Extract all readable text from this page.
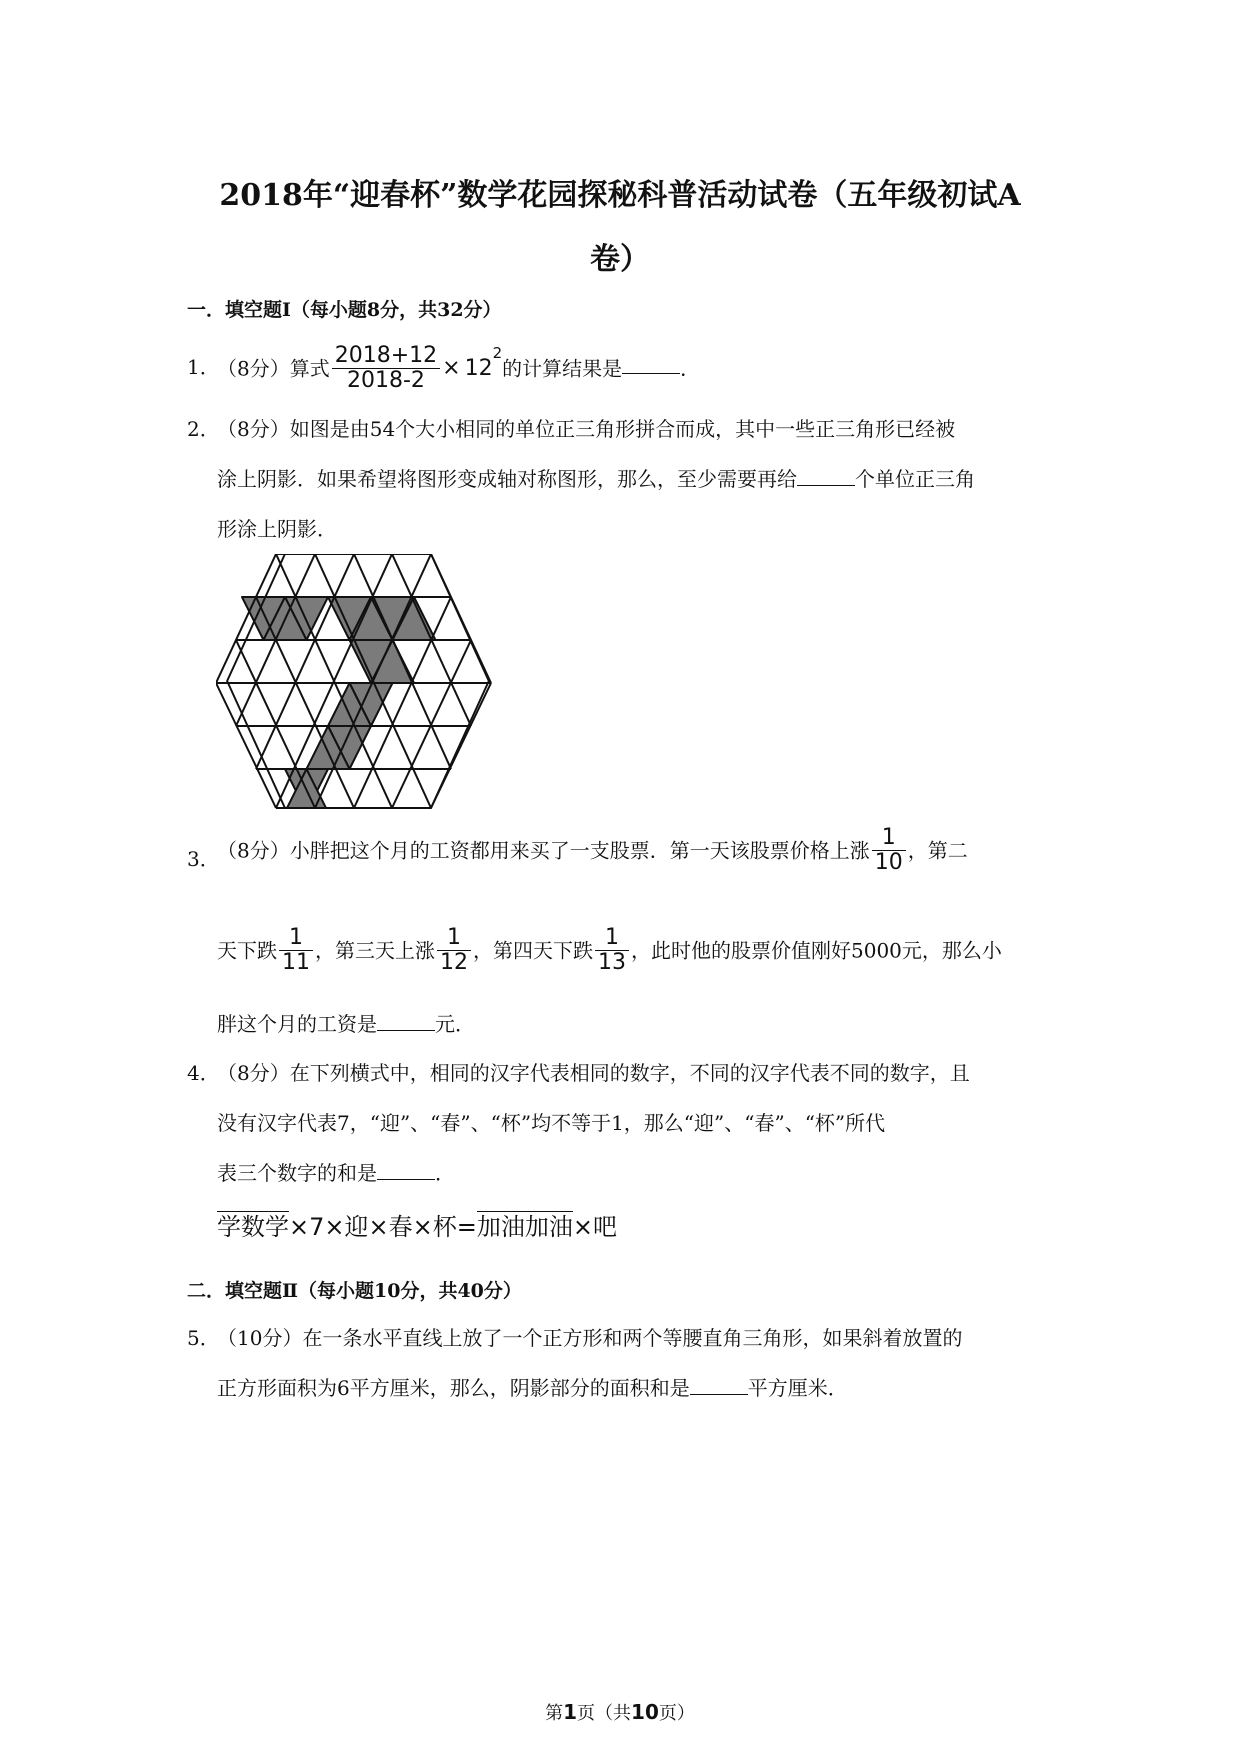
2018年“迎春杯”数学花园探秘科普活动试卷（五年级初试A
卷）
一．填空题Ⅰ（每小题8分，共32分）
1．
（8分）算式 $\frac{2018+12}{2018-2} \times 12^2$的计算结果是	．
2．
（8分）如图是由54个大小相同的单位正三角形拼合而成，其中一些正三角形已经被
涂上阴影．如果希望将图形变成轴对称图形，那么，至少需要再给	个单位正三角
形涂上阴影．
3．
（8分）小胖把这个月的工资都用来买了一支股票．第一天该股票价格上涨 $\frac{1}{10}$ ，第二
天下跌 $\frac{1}{11}$ ，第三天上涨 $\frac{1}{12}$ ，第四天下跌 $\frac{1}{13}$ ，此时他的股票价值刚好5000元，那么小
胖这个月的工资是	元．
4．
（8分）在下列横式中，相同的汉字代表相同的数字，不同的汉字代表不同的数字，且
没有汉字代表7，“迎”、“春”、“杯”均不等于1，那么“迎”、“春”、“杯”所代
表三个数字的和是	．
学数学×7×迎×春×杯=加油加油×吧
二．填空题Ⅱ（每小题10分，共40分）
5．
（10分）在一条水平直线上放了一个正方形和两个等腰直角三角形，如果斜着放置的
正方形面积为6平方厘米，那么，阴影部分的面积和是	平方厘米．
第1页（共10页）
